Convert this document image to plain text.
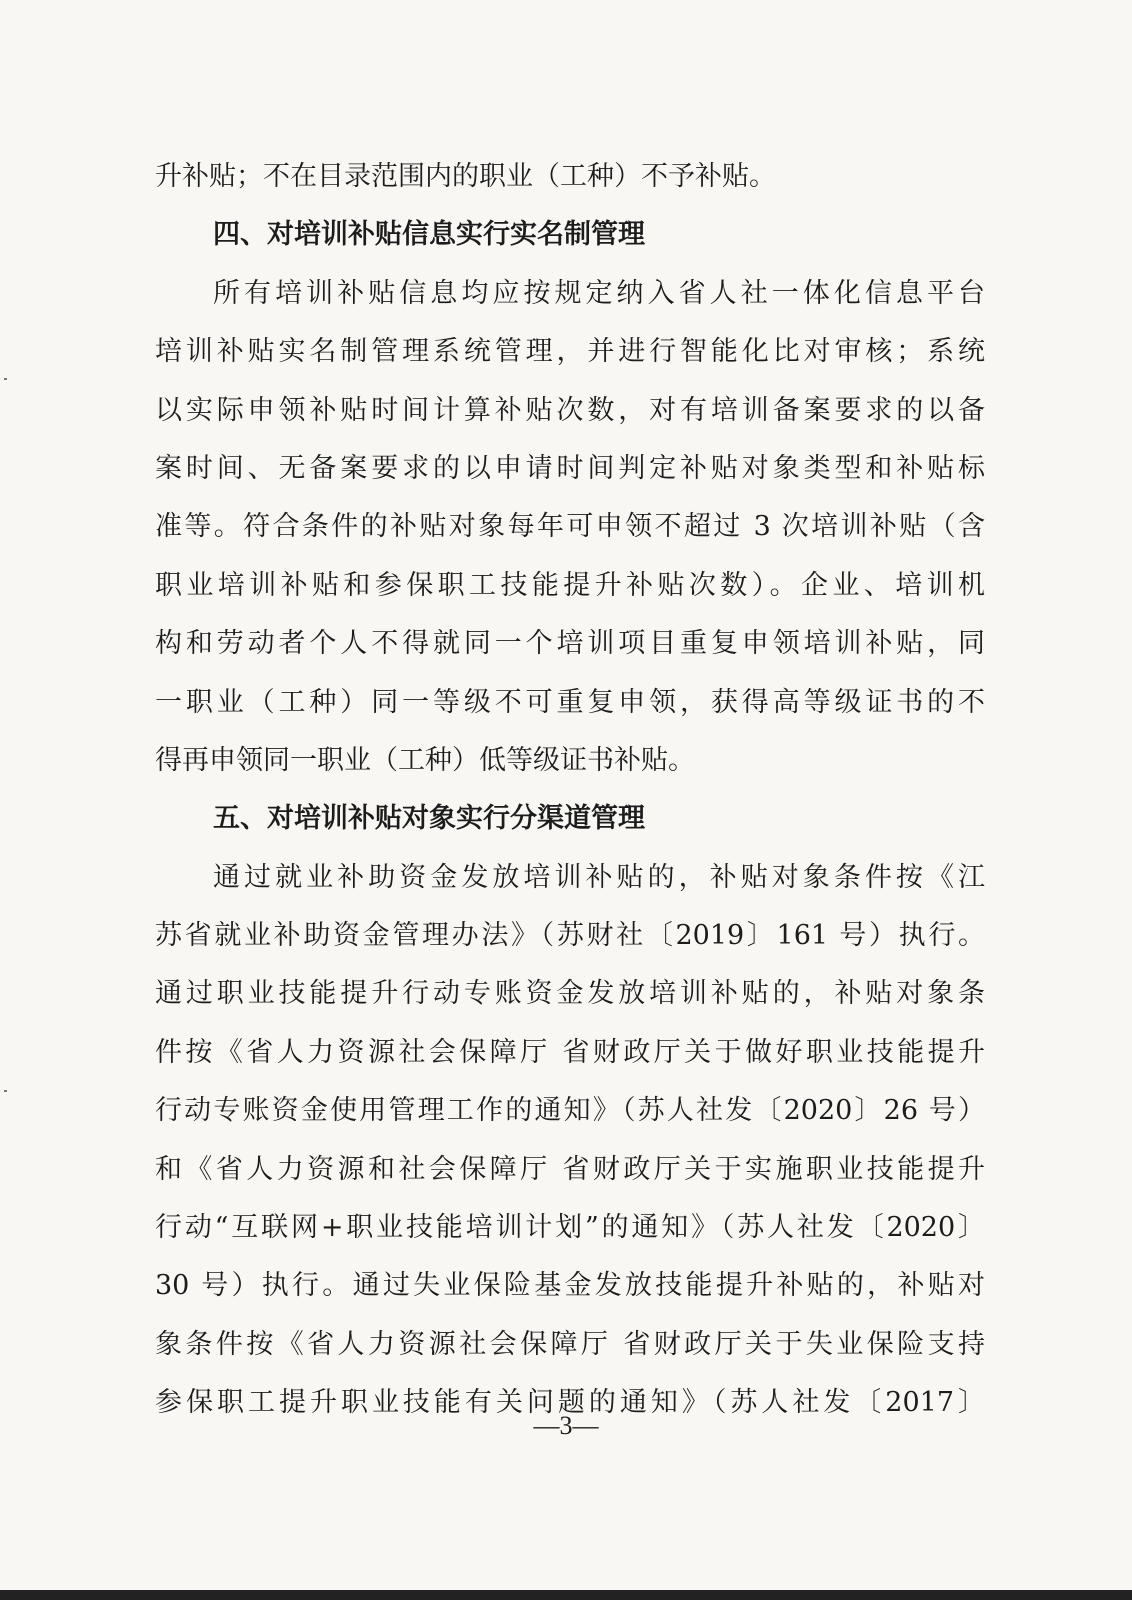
升补贴；不在目录范围内的职业（工种）不予补贴。
四、对培训补贴信息实行实名制管理
所有培训补贴信息均应按规定纳入省人社一体化信息平台
培训补贴实名制管理系统管理，并进行智能化比对审核；系统
以实际申领补贴时间计算补贴次数，对有培训备案要求的以备
案时间、无备案要求的以申请时间判定补贴对象类型和补贴标
准等。符合条件的补贴对象每年可申领不超过 3 次培训补贴（含
职业培训补贴和参保职工技能提升补贴次数）。企业、培训机
构和劳动者个人不得就同一个培训项目重复申领培训补贴，同
一职业（工种）同一等级不可重复申领，获得高等级证书的不
得再申领同一职业（工种）低等级证书补贴。
五、对培训补贴对象实行分渠道管理
通过就业补助资金发放培训补贴的，补贴对象条件按《江
苏省就业补助资金管理办法》（苏财社〔2019〕161 号）执行。
通过职业技能提升行动专账资金发放培训补贴的，补贴对象条
件按《省人力资源社会保障厅 省财政厅关于做好职业技能提升
行动专账资金使用管理工作的通知》（苏人社发〔2020〕26 号）
和《省人力资源和社会保障厅 省财政厅关于实施职业技能提升
行动“互联网+职业技能培训计划”的通知》（苏人社发〔2020〕
30 号）执行。通过失业保险基金发放技能提升补贴的，补贴对
象条件按《省人力资源社会保障厅 省财政厅关于失业保险支持
参保职工提升职业技能有关问题的通知》（苏人社发〔2017〕
—3—
